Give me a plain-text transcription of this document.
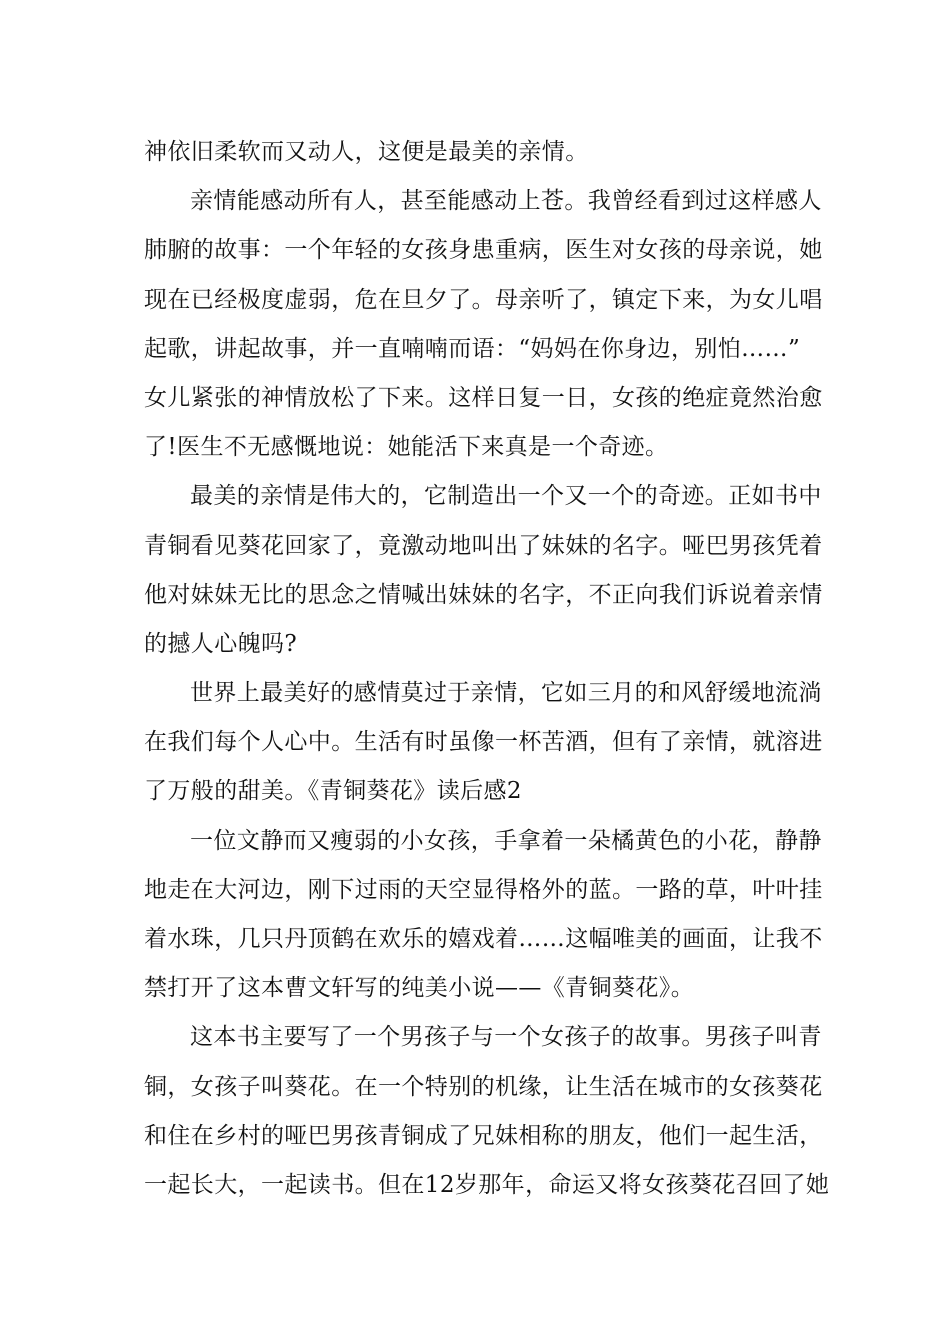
神依旧柔软而又动人，这便是最美的亲情。
亲情能感动所有人，甚至能感动上苍。我曾经看到过这样感人
肺腑的故事：一个年轻的女孩身患重病，医生对女孩的母亲说，她
现在已经极度虚弱，危在旦夕了。母亲听了，镇定下来，为女儿唱
起歌，讲起故事，并一直喃喃而语：“妈妈在你身边，别怕……”
女儿紧张的神情放松了下来。这样日复一日，女孩的绝症竟然治愈
了!医生不无感慨地说：她能活下来真是一个奇迹。
最美的亲情是伟大的，它制造出一个又一个的奇迹。正如书中
青铜看见葵花回家了，竟激动地叫出了妹妹的名字。哑巴男孩凭着
他对妹妹无比的思念之情喊出妹妹的名字，不正向我们诉说着亲情
的撼人心魄吗?
世界上最美好的感情莫过于亲情，它如三月的和风舒缓地流淌
在我们每个人心中。生活有时虽像一杯苦酒，但有了亲情，就溶进
了万般的甜美。《青铜葵花》读后感2
一位文静而又瘦弱的小女孩，手拿着一朵橘黄色的小花，静静
地走在大河边，刚下过雨的天空显得格外的蓝。一路的草，叶叶挂
着水珠，几只丹顶鹤在欢乐的嬉戏着……这幅唯美的画面，让我不
禁打开了这本曹文轩写的纯美小说——《青铜葵花》。
这本书主要写了一个男孩子与一个女孩子的故事。男孩子叫青
铜，女孩子叫葵花。在一个特别的机缘，让生活在城市的女孩葵花
和住在乡村的哑巴男孩青铜成了兄妹相称的朋友，他们一起生活，
一起长大，一起读书。但在12岁那年，命运又将女孩葵花召回了她
